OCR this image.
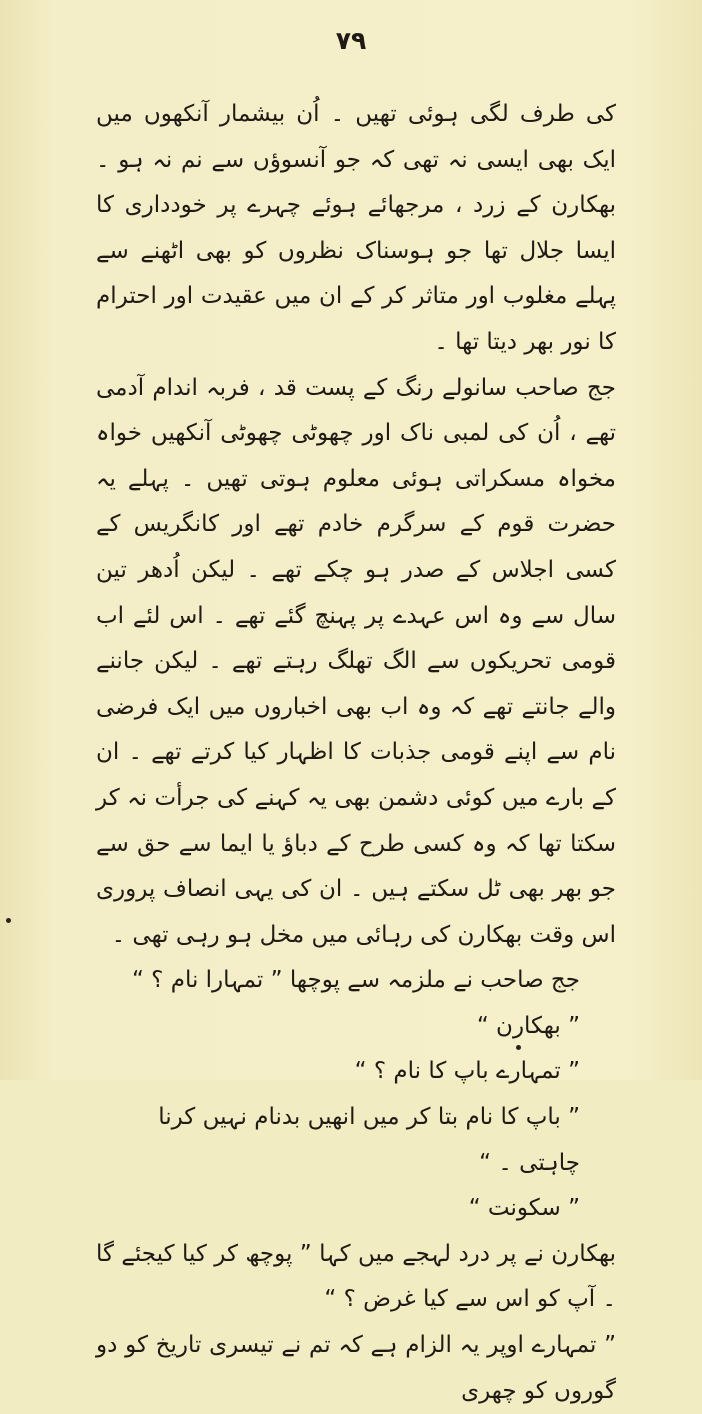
۷۹

کی طرف لگی ہوئی تھیں ۔ اُن بیشمار آنکھوں میں ایک بھی ایسی نہ تھی کہ جو آنسوؤں سے نم نہ ہو ۔ بھکارن کے زرد ، مرجھائے ہوئے چہرے پر خودداری کا ایسا جلال تھا جو ہوسناک نظروں کو بھی اٹھنے سے پہلے مغلوب اور متاثر کر کے ان میں عقیدت اور احترام کا نور بھر دیتا تھا ۔

جج صاحب سانولے رنگ کے پست قد ، فربہ اندام آدمی تھے ، اُن کی لمبی ناک اور چھوٹی چھوٹی آنکھیں خواہ مخواہ مسکراتی ہوئی معلوم ہوتی تھیں ۔ پہلے یہ حضرت قوم کے سرگرم خادم تھے اور کانگریس کے کسی اجلاس کے صدر ہو چکے تھے ۔ لیکن اُدھر تین سال سے وہ اس عہدے پر پہنچ گئے تھے ۔ اس لئے اب قومی تحریکوں سے الگ تھلگ رہتے تھے ۔ لیکن جاننے والے جانتے تھے کہ وہ اب بھی اخباروں میں ایک فرضی نام سے اپنے قومی جذبات کا اظہار کیا کرتے تھے ۔ ان کے بارے میں کوئی دشمن بھی یہ کہنے کی جرأت نہ کر سکتا تھا کہ وہ کسی طرح کے دباؤ یا ایما سے حق سے جو بھر بھی ٹل سکتے ہیں ۔ ان کی یہی انصاف پروری اس وقت بھکارن کی رہائی میں مخل ہو رہی تھی ۔

جج صاحب نے ملزمہ سے پوچھا ” تمہارا نام ؟ “

” بھکارن “

” تمہارے باپ کا نام ؟ “

” باپ کا نام بتا کر میں انھیں بدنام نہیں کرنا چاہتی ۔ “

” سکونت “

بھکارن نے پر درد لہجے میں کہا ” پوچھ کر کیا کیجئے گا ۔ آپ کو اس سے کیا غرض ؟ “

” تمہارے اوپر یہ الزام ہے کہ تم نے تیسری تاریخ کو دو گوروں کو چھری
